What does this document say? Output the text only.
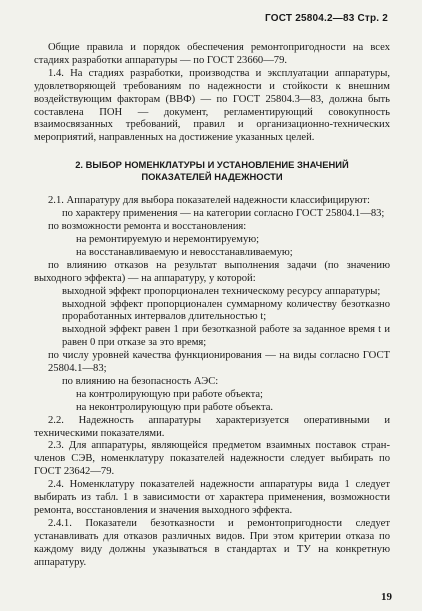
ГОСТ 25804.2—83 Стр. 2

Общие правила и порядок обеспечения ремонтопригодности на всех стадиях разработки аппаратуры — по ГОСТ 23660—79.

1.4. На стадиях разработки, производства и эксплуатации аппаратуры, удовлетворяющей требованиям по надежности и стойкости к внешним воздействующим факторам (ВВФ) — по ГОСТ 25804.3—83, должна быть составлена ПОН — документ, регламентирующий совокупность взаимосвязанных требований, правил и организационно-технических мероприятий, направленных на достижение указанных целей.

2. ВЫБОР НОМЕНКЛАТУРЫ И УСТАНОВЛЕНИЕ ЗНАЧЕНИЙ
ПОКАЗАТЕЛЕЙ НАДЕЖНОСТИ

2.1. Аппаратуру для выбора показателей надежности классифицируют:

по характеру применения — на категории согласно ГОСТ 25804.1—83;

по возможности ремонта и восстановления:

на ремонтируемую и неремонтируемую;

на восстанавливаемую и невосстанавливаемую;

по влиянию отказов на результат выполнения задачи (по значению выходного эффекта) — на аппаратуру, у которой:

выходной эффект пропорционален техническому ресурсу аппаратуры;

выходной эффект пропорционален суммарному количеству безотказно проработанных интервалов длительностью t;

выходной эффект равен 1 при безотказной работе за заданное время t и равен 0 при отказе за это время;

по числу уровней качества функционирования — на виды согласно ГОСТ 25804.1—83;

по влиянию на безопасность АЭС:

на контролирующую при работе объекта;

на неконтролирующую при работе объекта.

2.2. Надежность аппаратуры характеризуется оперативными и техническими показателями.

2.3. Для аппаратуры, являющейся предметом взаимных поставок стран-членов СЭВ, номенклатуру показателей надежности следует выбирать по ГОСТ 23642—79.

2.4. Номенклатуру показателей надежности аппаратуры вида 1 следует выбирать из табл. 1 в зависимости от характера применения, возможности ремонта, восстановления и значения выходного эффекта.

2.4.1. Показатели безотказности и ремонтопригодности следует устанавливать для отказов различных видов. При этом критерии отказа по каждому виду должны указываться в стандартах и ТУ на конкретную аппаратуру.

19
